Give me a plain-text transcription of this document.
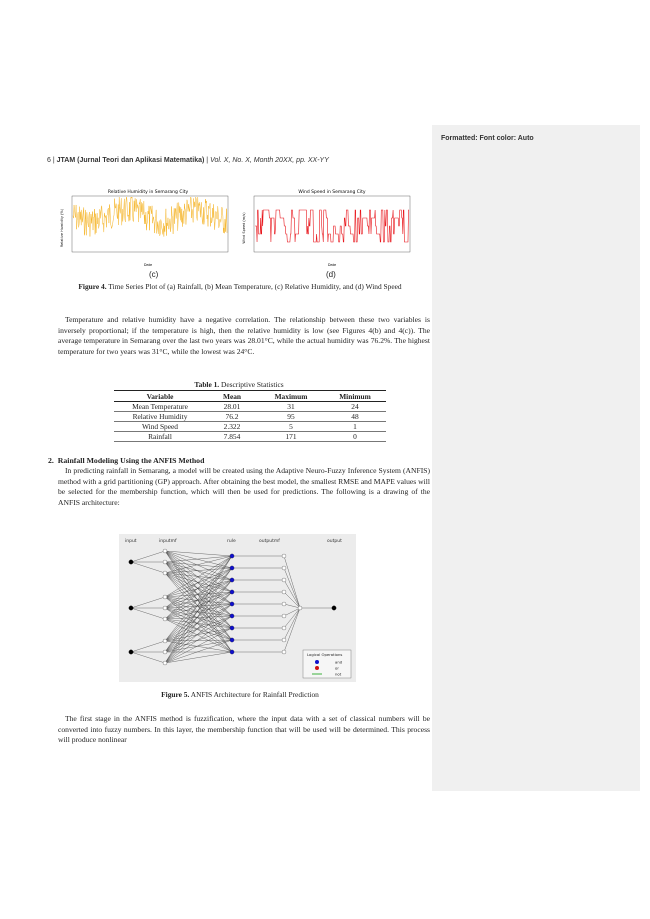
Formatted: Font color: Auto
6 | JTAM (Jurnal Teori dan Aplikasi Matematika) | Vol. X, No. X, Month 20XX, pp. XX-YY
Relative Humidity in Semarang City
Relative Humidity (%)
Date
(c)
Wind Speed in Semarang City
Wind Speed (m/s)
Date
(d)
Figure 4. Time Series Plot of (a) Rainfall, (b) Mean Temperature, (c) Relative Humidity, and (d) Wind Speed
Temperature and relative humidity have a negative correlation. The relationship between these two variables is inversely proportional; if the temperature is high, then the relative humidity is low (see Figures 4(b) and 4(c)). The average temperature in Semarang over the last two years was 28.01°C, while the actual humidity was 76.2%. The highest temperature for two years was 31°C, while the lowest was 24°C.
Table 1. Descriptive Statistics
Variable	Mean	Maximum	Minimum
Mean Temperature	28.01	31	24
Relative Humidity	76.2	95	48
Wind Speed	2.322	5	1
Rainfall	7.854	171	0
2. Rainfall Modeling Using the ANFIS Method
In predicting rainfall in Semarang, a model will be created using the Adaptive Neuro-Fuzzy Inference System (ANFIS) method with a grid partitioning (GP) approach. After obtaining the best model, the smallest RMSE and MAPE values will be selected for the membership function, which will then be used for predictions. The following is a drawing of the ANFIS architecture:
input	inputmf	rule	outputmf	output
Logical Operations
and
or
not
Figure 5. ANFIS Architecture for Rainfall Prediction
The first stage in the ANFIS method is fuzzification, where the input data with a set of classical numbers will be converted into fuzzy numbers. In this layer, the membership function that will be used will be determined. This process will produce nonlinear
